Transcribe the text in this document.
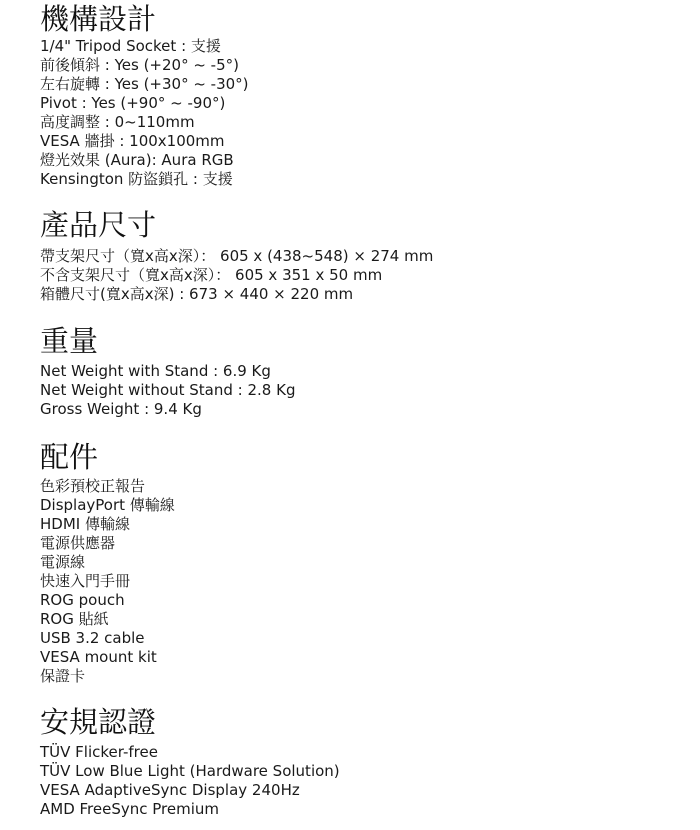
機構設計
1/4" Tripod Socket : 支援
前後傾斜 : Yes (+20° ~ -5°)
左右旋轉 : Yes (+30° ~ -30°)
Pivot : Yes (+90° ~ -90°)
高度調整 : 0~110mm
VESA 牆掛 : 100x100mm
燈光效果 (Aura): Aura RGB
Kensington 防盜鎖孔 : 支援
產品尺寸
帶支架尺寸（寬x高x深）： 605 x (438~548) × 274 mm
不含支架尺寸（寬x高x深）： 605 x 351 x 50 mm
箱體尺寸(寬x高x深) : 673 × 440 × 220 mm
重量
Net Weight with Stand : 6.9 Kg
Net Weight without Stand : 2.8 Kg
Gross Weight : 9.4 Kg
配件
色彩預校正報告
DisplayPort 傳輸線
HDMI 傳輸線
電源供應器
電源線
快速入門手冊
ROG pouch
ROG 貼紙
USB 3.2 cable
VESA mount kit
保證卡
安規認證
TÜV Flicker-free
TÜV Low Blue Light (Hardware Solution)
VESA AdaptiveSync Display 240Hz
AMD FreeSync Premium
